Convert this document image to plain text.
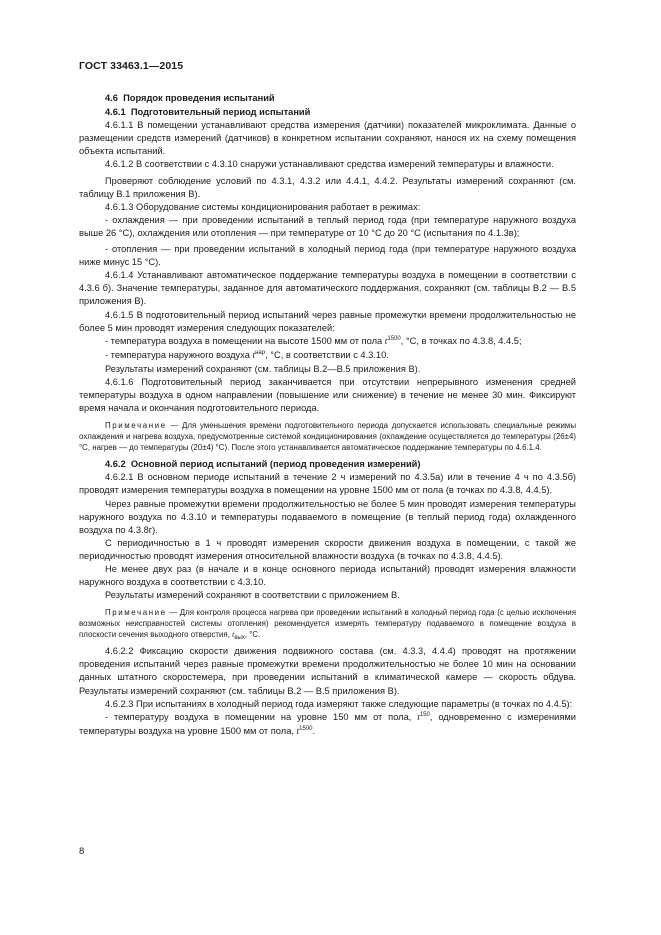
ГОСТ 33463.1—2015

4.6 Порядок проведения испытаний

4.6.1 Подготовительный период испытаний

4.6.1.1 В помещении устанавливают средства измерения (датчики) показателей микроклимата. Данные о размещении средств измерений (датчиков) в конкретном испытании сохраняют, нанося их на схему помещения объекта испытаний.

4.6.1.2 В соответствии с 4.3.10 снаружи устанавливают средства измерений температуры и влажности.

Проверяют соблюдение условий по 4.3.1, 4.3.2 или 4.4.1, 4.4.2. Результаты измерений сохраняют (см. таблицу В.1 приложения В).

4.6.1.3 Оборудование системы кондиционирования работает в режимах:

- охлаждения — при проведении испытаний в теплый период года (при температуре наружного воздуха выше 26 °С), охлаждения или отопления — при температуре от 10 °С до 20 °С (испытания по 4.1.3в);

- отопления — при проведении испытаний в холодный период года (при температуре наружного воздуха ниже минус 15 °С).

4.6.1.4 Устанавливают автоматическое поддержание температуры воздуха в помещении в соответствии с 4.3.6 б). Значение температуры, заданное для автоматического поддержания, сохраняют (см. таблицы В.2 — В.5 приложения В).

4.6.1.5 В подготовительный период испытаний через равные промежутки времени продолжительностью не более 5 мин проводят измерения следующих показателей:

- температура воздуха в помещении на высоте 1500 мм от пола $t^{1500}$, °С, в точках по 4.3.8, 4.4.5;

- температура наружного воздуха $t^{нар}$, °С, в соответствии с 4.3.10.

Результаты измерений сохраняют (см. таблицы В.2—В.5 приложения В).

4.6.1.6 Подготовительный период заканчивается при отсутствии непрерывного изменения средней температуры воздуха в одном направлении (повышение или снижение) в течение не менее 30 мин. Фиксируют время начала и окончания подготовительного периода.

Примечание — Для уменьшения времени подготовительного периода допускается использовать специальные режимы охлаждения и нагрева воздуха, предусмотренные системой кондиционирования (охлаждение осуществляется до температуры (26±4) °С, нагрев — до температуры (20±4) °С). После этого устанавливается автоматическое поддержание температуры по 4.6.1.4.

4.6.2 Основной период испытаний (период проведения измерений)

4.6.2.1 В основном периоде испытаний в течение 2 ч измерений по 4.3.5а) или в течение 4 ч по 4.3.5б) проводят измерения температуры воздуха в помещении на уровне 1500 мм от пола (в точках по 4.3.8, 4.4.5).

Через равные промежутки времени продолжительностью не более 5 мин проводят измерения температуры наружного воздуха по 4.3.10 и температуры подаваемого в помещение (в теплый период года) охлажденного воздуха по 4.3.8г).

С периодичностью в 1 ч проводят измерения скорости движения воздуха в помещении, с такой же периодичностью проводят измерения относительной влажности воздуха (в точках по 4.3.8, 4.4.5).

Не менее двух раз (в начале и в конце основного периода испытаний) проводят измерения влажности наружного воздуха в соответствии с 4.3.10.

Результаты измерений сохраняют в соответствии с приложением В.

Примечание — Для контроля процесса нагрева при проведении испытаний в холодный период года (с целью исключения возможных неисправностей системы отопления) рекомендуется измерять температуру подаваемого в помещение воздуха в плоскости сечения выходного отверстия, $t_{вых}$, °С.

4.6.2.2 Фиксацию скорости движения подвижного состава (см. 4.3.3, 4.4.4) проводят на протяжении проведения испытаний через равные промежутки времени продолжительностью не более 10 мин на основании данных штатного скоростемера, при проведении испытаний в климатической камере — скорость обдува. Результаты измерений сохраняют (см. таблицы В.2 — В.5 приложения В).

4.6.2.3 При испытаниях в холодный период года измеряют также следующие параметры (в точках по 4.4.5):

- температуру воздуха в помещении на уровне 150 мм от пола, $t^{150}$, одновременно с измерениями температуры воздуха на уровне 1500 мм от пола, $t^{1500}$.

8
